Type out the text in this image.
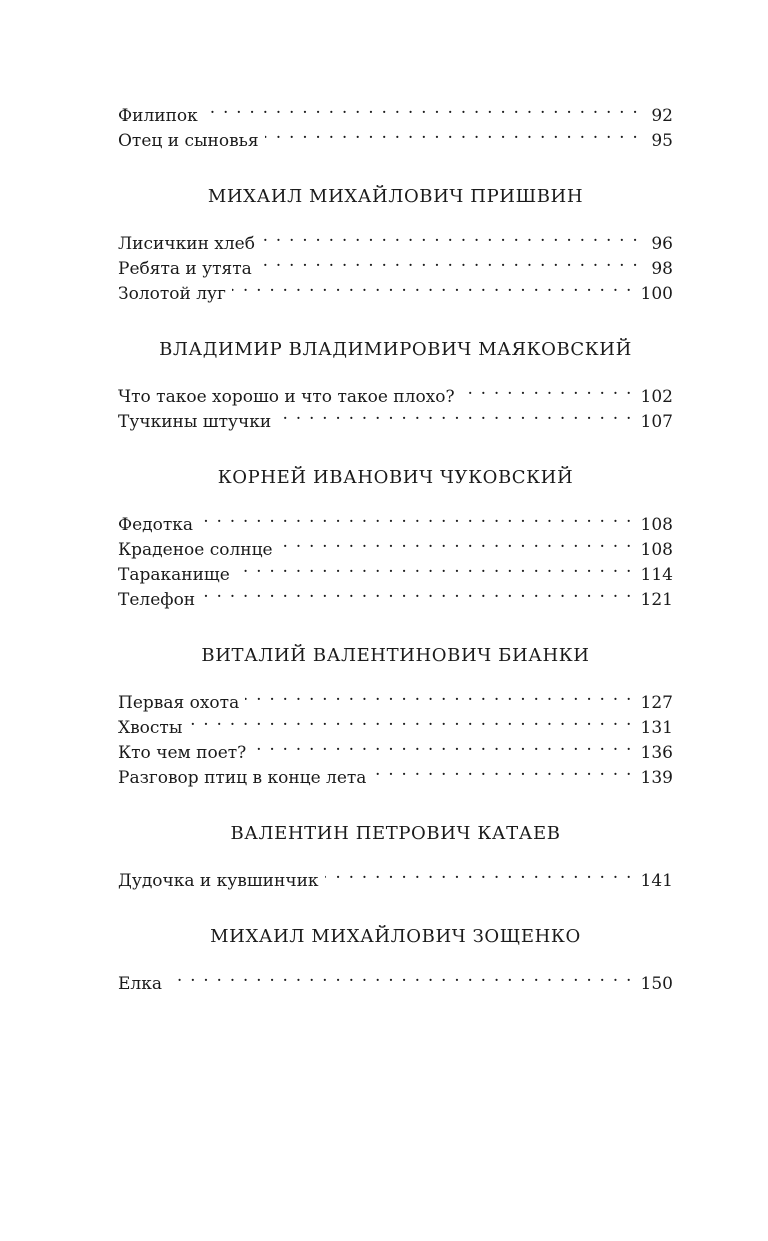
Филипок . . .	92
Отец и сыновья . . .	95
МИХАИЛ МИХАЙЛОВИЧ ПРИШВИН
Лисичкин хлеб . . .	96
Ребята и утята . . .	98
Золотой луг . . .	100
ВЛАДИМИР ВЛАДИМИРОВИЧ МАЯКОВСКИЙ
Что такое хорошо и что такое плохо? . . .	102
Тучкины штучки . . .	107
КОРНЕЙ ИВАНОВИЧ ЧУКОВСКИЙ
Федотка . . .	108
Краденое солнце . . .	108
Тараканище . . .	114
Телефон . . .	121
ВИТАЛИЙ ВАЛЕНТИНОВИЧ БИАНКИ
Первая охота . . .	127
Хвосты . . .	131
Кто чем поет? . . .	136
Разговор птиц в конце лета . . .	139
ВАЛЕНТИН ПЕТРОВИЧ КАТАЕВ
Дудочка и кувшинчик . . .	141
МИХАИЛ МИХАЙЛОВИЧ ЗОЩЕНКО
Елка . . .	150
